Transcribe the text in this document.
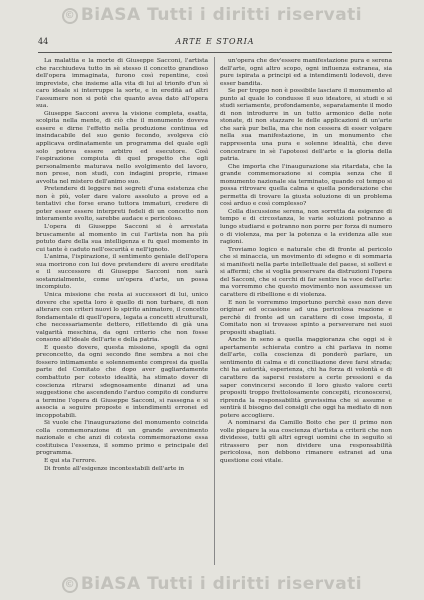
© BiASA Tutti i diritti riservati
44	ARTE E STORIA

La malattia e la morte di Giuseppe Sacconi, l'artista che racchiudeva tutto in sè stesso il concetto grandioso dell'opera immaginata, furono così repentine, così impreviste, che insieme alla vita di lui al trionfo d'un sì caro ideale si interruppe la sorte, e in eredità ad altri l'assumere non si potè che quanto avea dato all'opera sua.

Giuseppe Sacconi aveva la visione completa, esatta, scolpita nella mente, di ciò che il monumento doveva essere e dirne l'effetto nella produzione continua ed insindacabile del suo genio fecondo, svolgeva ciò applicava ordinatamente un programma del quale egli solo poteva essere arbitro ed esecutore. Così l'espirazione compiuta di quel progetto che egli personalmente maturava nello svolgimento del lavoro, non prese, non studi, con indagini proprie, rimase avvolta nel mistero dell'animo suo.

Pretendere di leggere nei segreti d'una esistenza che non è più, voler dare valore assoluto a prove ed a tentativi che forse erano tuttora immaturi, credere di poter esser essere interpreti fedeli di un concetto non interamente svolto, sarebbe audace e pericoloso.

L'opera di Giuseppe Sacconi si è arrestata bruscamente al momento in cui l'artista non ha più potuto dare della sua intelligenza e fu quel momento in cui tante è caduto nell'oscurità e nell'ignoto.

L'anima, l'ispirazione, il sentimento geniale dell'opera sua morirono con lui dove pretendere di avere ereditate e il successore di Giuseppe Sacconi non sarà sostanzialmente, come un'opera d'arte, un possa incompiuto.

Unica missione che resta ai successori di lui, unico dovere che spetta loro è quello di non turbare, di non alterare con criteri nuovi lo spirito animatore, il concetto fondamentale di quell'opera, legata a concetti strutturali, che necessariamente dettero, riflettendo di già una valgarità meschina, da ogni criterio che non fosse consono all'ideale dell'arte e della patria.

E questo dovere, questa missione, spogli da ogni preconcetto, da ogni secondo fine sembra a noi che fossero intimamente e solennemente compresi da quella parte del Comitato che dopo aver gagliardamente combattuto per cotesto idealità, ha stimato dover di coscienza ritrarsi sdegnosamente dinanzi ad una suggestione che ascendendo l'arduo compito di condurre a termine l'opera di Giuseppe Sacconi, si rassegna e si associa a seguire proposte e intendimenti erronei ed incoppotabili.

Si vuole che l'inaugurazione del monumento coincida colla commemorazione di un grande avvenimento nazionale e che anzi di cotesta commemorazione essa costituisca l'essenza, il sommo primo e principale del programma.

E qui sta l'errore.

Di fronte all'esigenze incontestabili dell'arte in

un'opera che dev'essere manifestazione pura e serena dell'arte, ogni altro scopo, ogni influenza estranea, sia pure ispirata a principi ed a intendimenti lodevoli, deve esser bandita.

Se per troppo non è possibile lasciare il monumento al punto al quale lo condusse il suo ideatore, si studi e si studi seriamente, profondamente, separatamente il modo di non introdurre in un tutto armonico delle note stonate, di non stazzare le delle applicazioni di un'arte che sarà pur bella, ma che non cessera di esser volgare nella sua manifestazione, in un monumento che rappresenta una pura e solenne idealità, che deve concentrare in sè l'apoteosi dell'arte e la gloria della patria.

Che importa che l'inaugurazione sia ritardata, che la grande commemorazione si compia senza che il monumento nazionale sia terminato, quando col tempo si possa ritrovare quella calma e quella ponderazione che permetta di trovare la giusta soluzione di un problema così arduo e così complesso?

Colla discussione serena, non sorretta da esigenze di tempo e di circostanza, le varie soluzioni potranno a lungo studiarsi e potranno non porre per forza di numero o di violenza, ma per la potenza e la evidenza alle sue ragioni.

Troviamo logico e naturale che di fronte al pericolo che si minaccia, un movimento di sdegno e di sommaria si manifesti nella parte intellettuale del paese, si sollevi e si affermi; che si voglia preservare da distruzioni l'opera del Sacconi, che si cerchi di far sentire la voce dell'arte: ma vorremmo che questo movimento non assumesse un carattere di ribellione e di violenza.

E non le vorremmo importuno perchè esso non deve originar ed occasione ad una pericolosa reazione e perchè di fronte ad un carattere di cose imposta, il Comitato non si trovasse spinto a perseverare nei suoi propositi sbagliati.

Anche in seno a quella maggioranza che oggi si è apertamente schierata contro a chi parlava in nome dell'arte, colla coscienza di ponderò parlare, un sentimento di calma e di conciliazione deve farsi strada; chi ha autorità, esperienza, chi ha forza di volontà e di carattere da sapersi resistere a certe pressioni e da saper convincersi secondo il loro giusto valore certi propositi troppo frettolosamente concepiti, riconoscersi, riprenda la responsabilità gravissima che si assume e sentirà il bisogno del consigli che oggi ha mediato di non potere accogliere.

A nominarsi da Camillo Boito che per il primo non volle piegare la sua coscienza d'artista a criterii che non dividesse, tutti gli altri egregi uomini che in seguito si ritrassero per non dividere una responsabilità pericolosa, non debbono rimanere estranei ad una questione così vitale.

© BiASA Tutti i diritti riservati
